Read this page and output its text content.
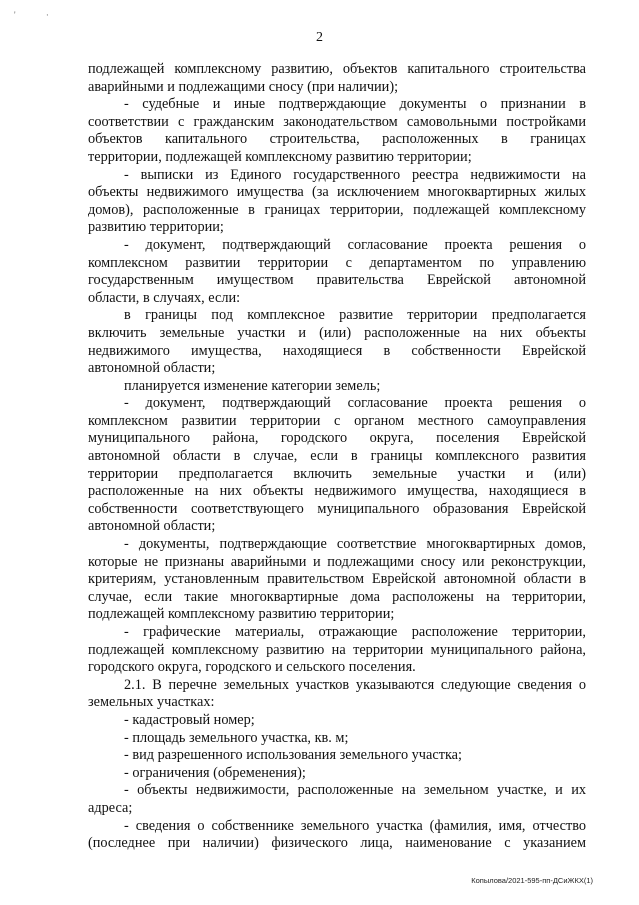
' ·
2

подлежащей комплексному развитию, объектов капитального строительства

аварийными и подлежащими сносу (при наличии);

- судебные и иные подтверждающие документы о признании в

соответствии с гражданским законодательством самовольными постройками

объектов капитального строительства, расположенных в границах

территории, подлежащей комплексному развитию территории;

- выписки из Единого государственного реестра недвижимости на

объекты недвижимого имущества (за исключением многоквартирных жилых

домов), расположенные в границах территории, подлежащей комплексному

развитию территории;

- документ, подтверждающий согласование проекта решения о

комплексном развитии территории с департаментом по управлению

государственным имуществом правительства Еврейской автономной

области, в случаях, если:

в границы под комплексное развитие территории предполагается

включить земельные участки и (или) расположенные на них объекты

недвижимого имущества, находящиеся в собственности Еврейской

автономной области;

планируется изменение категории земель;

- документ, подтверждающий согласование проекта решения о

комплексном развитии территории с органом местного самоуправления

муниципального района, городского округа, поселения Еврейской

автономной области в случае, если в границы комплексного развития

территории предполагается включить земельные участки и (или)

расположенные на них объекты недвижимого имущества, находящиеся в

собственности соответствующего муниципального образования Еврейской

автономной области;

- документы, подтверждающие соответствие многоквартирных домов,

которые не признаны аварийными и подлежащими сносу или реконструкции,

критериям, установленным правительством Еврейской автономной области в

случае, если такие многоквартирные дома расположены на территории,

подлежащей комплексному развитию территории;

- графические материалы, отражающие расположение территории,

подлежащей комплексному развитию на территории муниципального района,

городского округа, городского и сельского поселения.

2.1. В перечне земельных участков указываются следующие сведения о

земельных участках:

- кадастровый номер;

- площадь земельного участка, кв. м;

- вид разрешенного использования земельного участка;

- ограничения (обременения);

- объекты недвижимости, расположенные на земельном участке, и их

адреса;

- сведения о собственнике земельного участка (фамилия, имя, отчество

(последнее при наличии) физического лица, наименование с указанием

Копылова/2021-595-пп-ДСиЖКХ(1)
